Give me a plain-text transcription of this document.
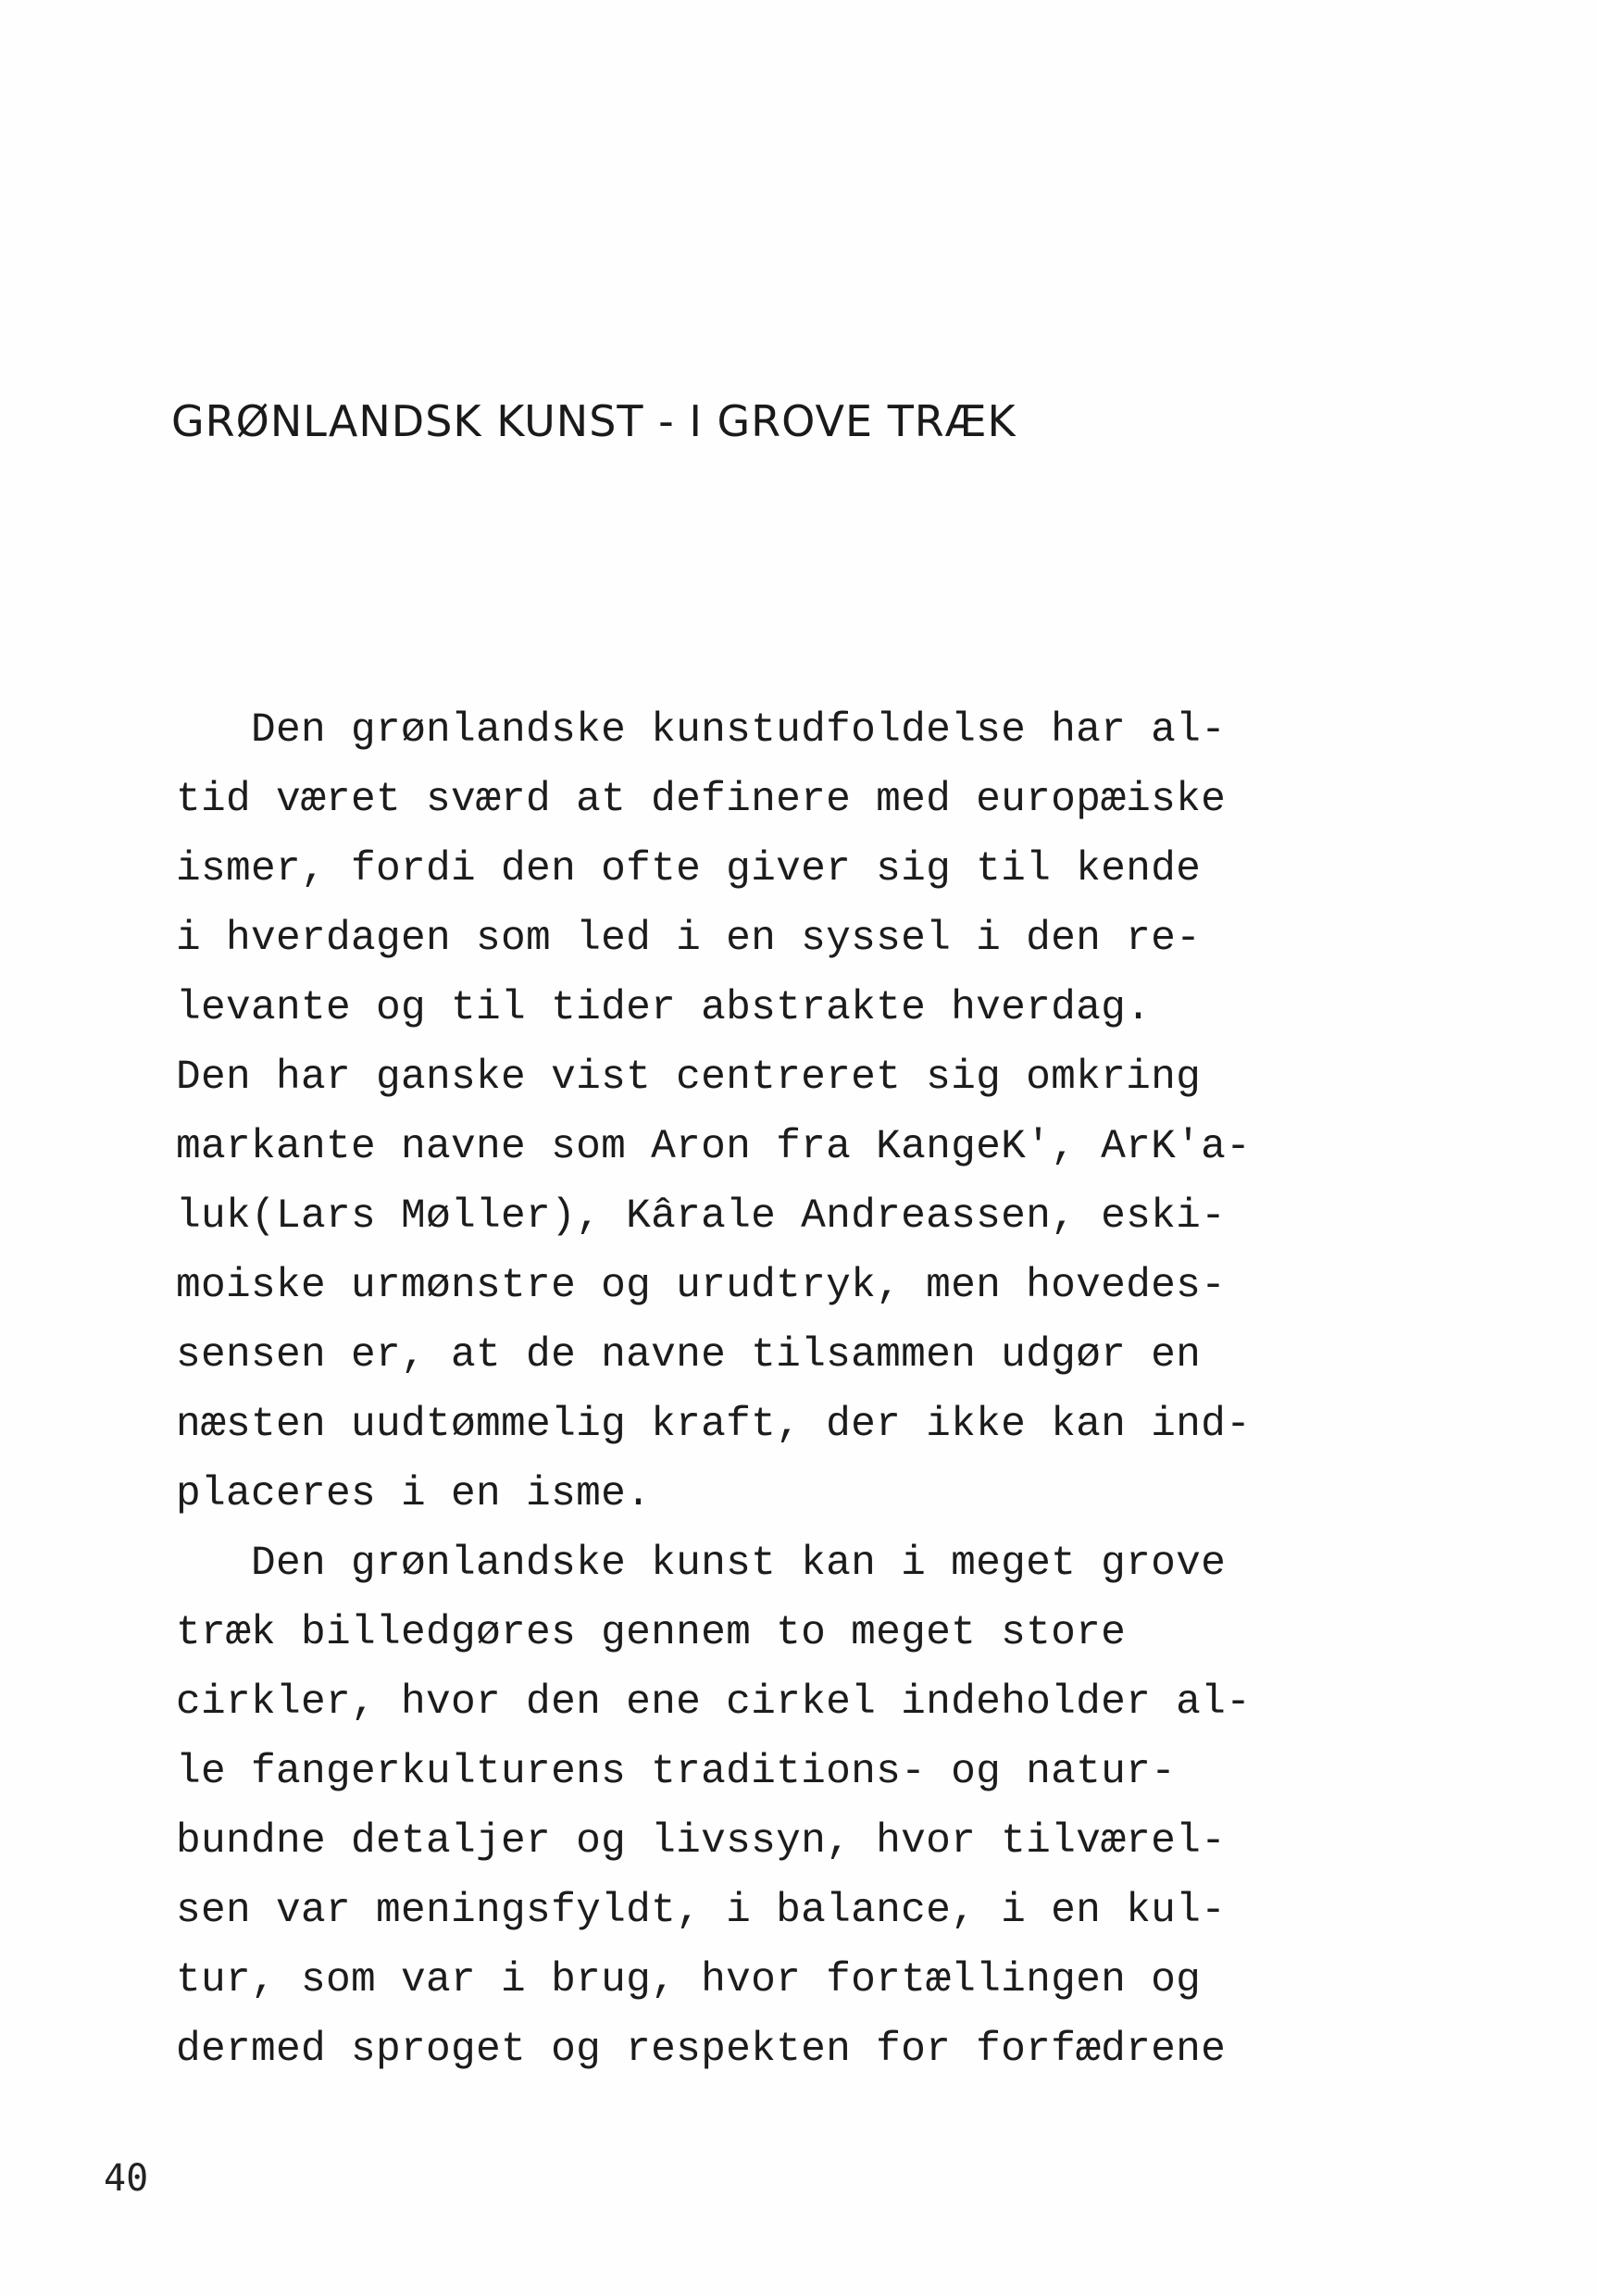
GRØNLANDSK KUNST - I GROVE TRÆK
Den grønlandske kunstudfoldelse har al-
tid været sværd at definere med europæiske
ismer, fordi den ofte giver sig til kende
i hverdagen som led i en syssel i den re-
levante og til tider abstrakte hverdag.
Den har ganske vist centreret sig omkring
markante navne som Aron fra KangeK', ArK'a-
luk(Lars Møller), Kârale Andreassen, eski-
moiske urmønstre og urudtryk, men hovedes-
sensen er, at de navne tilsammen udgør en
næsten uudtømmelig kraft, der ikke kan ind-
placeres i en isme.
Den grønlandske kunst kan i meget grove
træk billedgøres gennem to meget store
cirkler, hvor den ene cirkel indeholder al-
le fangerkulturens traditions- og natur-
bundne detaljer og livssyn, hvor tilværel-
sen var meningsfyldt, i balance, i en kul-
tur, som var i brug, hvor fortællingen og
dermed sproget og respekten for forfædrene

40
